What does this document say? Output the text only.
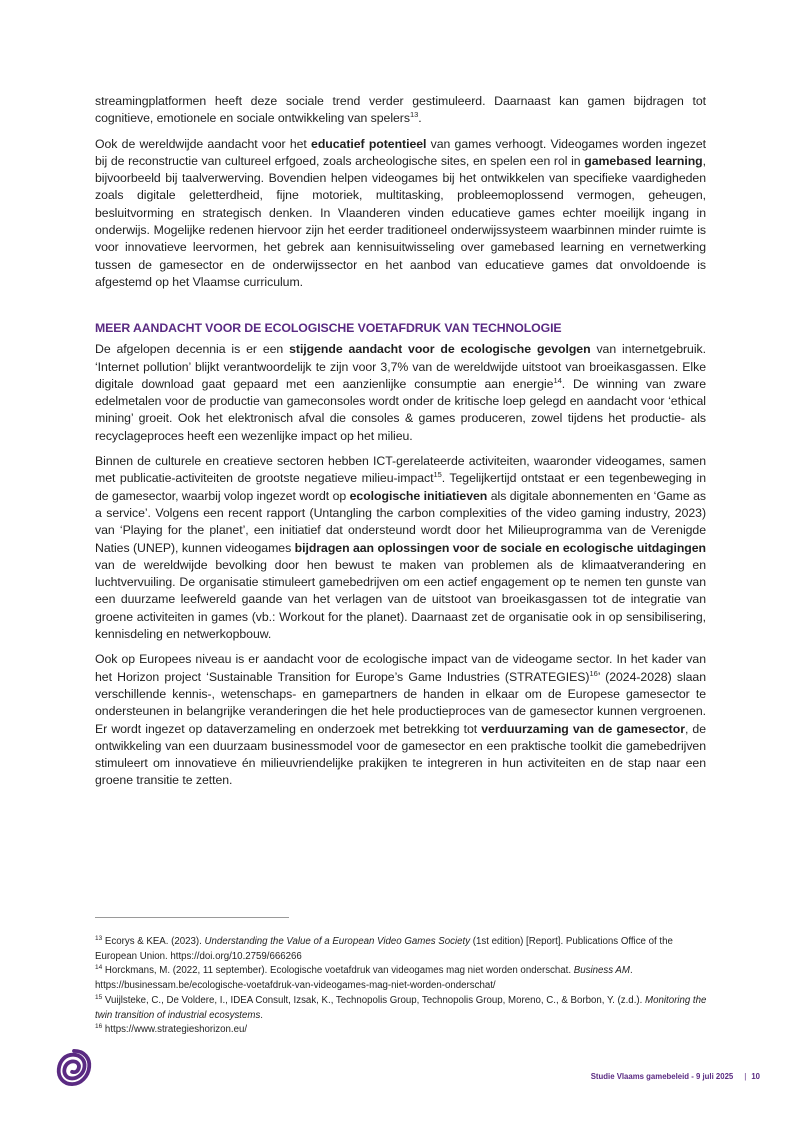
streamingplatformen heeft deze sociale trend verder gestimuleerd. Daarnaast kan gamen bijdragen tot cognitieve, emotionele en sociale ontwikkeling van spelers$^{13}$.
Ook de wereldwijde aandacht voor het educatief potentieel van games verhoogt. Videogames worden ingezet bij de reconstructie van cultureel erfgoed, zoals archeologische sites, en spelen een rol in gamebased learning, bijvoorbeeld bij taalverwerving. Bovendien helpen videogames bij het ontwikkelen van specifieke vaardigheden zoals digitale geletterdheid, fijne motoriek, multitasking, probleemoplossend vermogen, geheugen, besluitvorming en strategisch denken. In Vlaanderen vinden educatieve games echter moeilijk ingang in onderwijs. Mogelijke redenen hiervoor zijn het eerder traditioneel onderwijssysteem waarbinnen minder ruimte is voor innovatieve leervormen, het gebrek aan kennisuitwisseling over gamebased learning en vernetwerking tussen de gamesector en de onderwijssector en het aanbod van educatieve games dat onvoldoende is afgestemd op het Vlaamse curriculum.
MEER AANDACHT VOOR DE ECOLOGISCHE VOETAFDRUK VAN TECHNOLOGIE
De afgelopen decennia is er een stijgende aandacht voor de ecologische gevolgen van internetgebruik. ‘Internet pollution’ blijkt verantwoordelijk te zijn voor 3,7% van de wereldwijde uitstoot van broeikasgassen. Elke digitale download gaat gepaard met een aanzienlijke consumptie aan energie$^{14}$. De winning van zware edelmetalen voor de productie van gameconsoles wordt onder de kritische loep gelegd en aandacht voor ‘ethical mining’ groeit. Ook het elektronisch afval die consoles & games produceren, zowel tijdens het productie- als recyclageproces heeft een wezenlijke impact op het milieu.
Binnen de culturele en creatieve sectoren hebben ICT-gerelateerde activiteiten, waaronder videogames, samen met publicatie-activiteiten de grootste negatieve milieu-impact$^{15}$. Tegelijkertijd ontstaat er een tegenbeweging in de gamesector, waarbij volop ingezet wordt op ecologische initiatieven als digitale abonnementen en ‘Game as a service’. Volgens een recent rapport (Untangling the carbon complexities of the video gaming industry, 2023) van ‘Playing for the planet’, een initiatief dat ondersteund wordt door het Milieuprogramma van de Verenigde Naties (UNEP), kunnen videogames bijdragen aan oplossingen voor de sociale en ecologische uitdagingen van de wereldwijde bevolking door hen bewust te maken van problemen als de klimaatverandering en luchtvervuiling. De organisatie stimuleert gamebedrijven om een actief engagement op te nemen ten gunste van een duurzame leefwereld gaande van het verlagen van de uitstoot van broeikasgassen tot de integratie van groene activiteiten in games (vb.: Workout for the planet). Daarnaast zet de organisatie ook in op sensibilisering, kennisdeling en netwerkopbouw.
Ook op Europees niveau is er aandacht voor de ecologische impact van de videogame sector. In het kader van het Horizon project ‘Sustainable Transition for Europe’s Game Industries (STRATEGIES)$^{16}$’ (2024-2028) slaan verschillende kennis-, wetenschaps- en gamepartners de handen in elkaar om de Europese gamesector te ondersteunen in belangrijke veranderingen die het hele productieproces van de gamesector kunnen vergroenen. Er wordt ingezet op dataverzameling en onderzoek met betrekking tot verduurzaming van de gamesector, de ontwikkeling van een duurzaam businessmodel voor de gamesector en een praktische toolkit die gamebedrijven stimuleert om innovatieve én milieuvriendelijke prakijken te integreren in hun activiteiten en de stap naar een groene transitie te zetten.
$^{13}$ Ecorys & KEA. (2023). Understanding the Value of a European Video Games Society (1st edition) [Report]. Publications Office of the European Union. https://doi.org/10.2759/666266
$^{14}$ Horckmans, M. (2022, 11 september). Ecologische voetafdruk van videogames mag niet worden onderschat. Business AM. https://businessam.be/ecologische-voetafdruk-van-videogames-mag-niet-worden-onderschat/
$^{15}$ Vuijlsteke, C., De Voldere, I., IDEA Consult, Izsak, K., Technopolis Group, Technopolis Group, Moreno, C., & Borbon, Y. (z.d.). Monitoring the twin transition of industrial ecosystems.
$^{16}$ https://www.strategieshorizon.eu/
Studie Vlaams gamebeleid - 9 juli 2025 | 10
